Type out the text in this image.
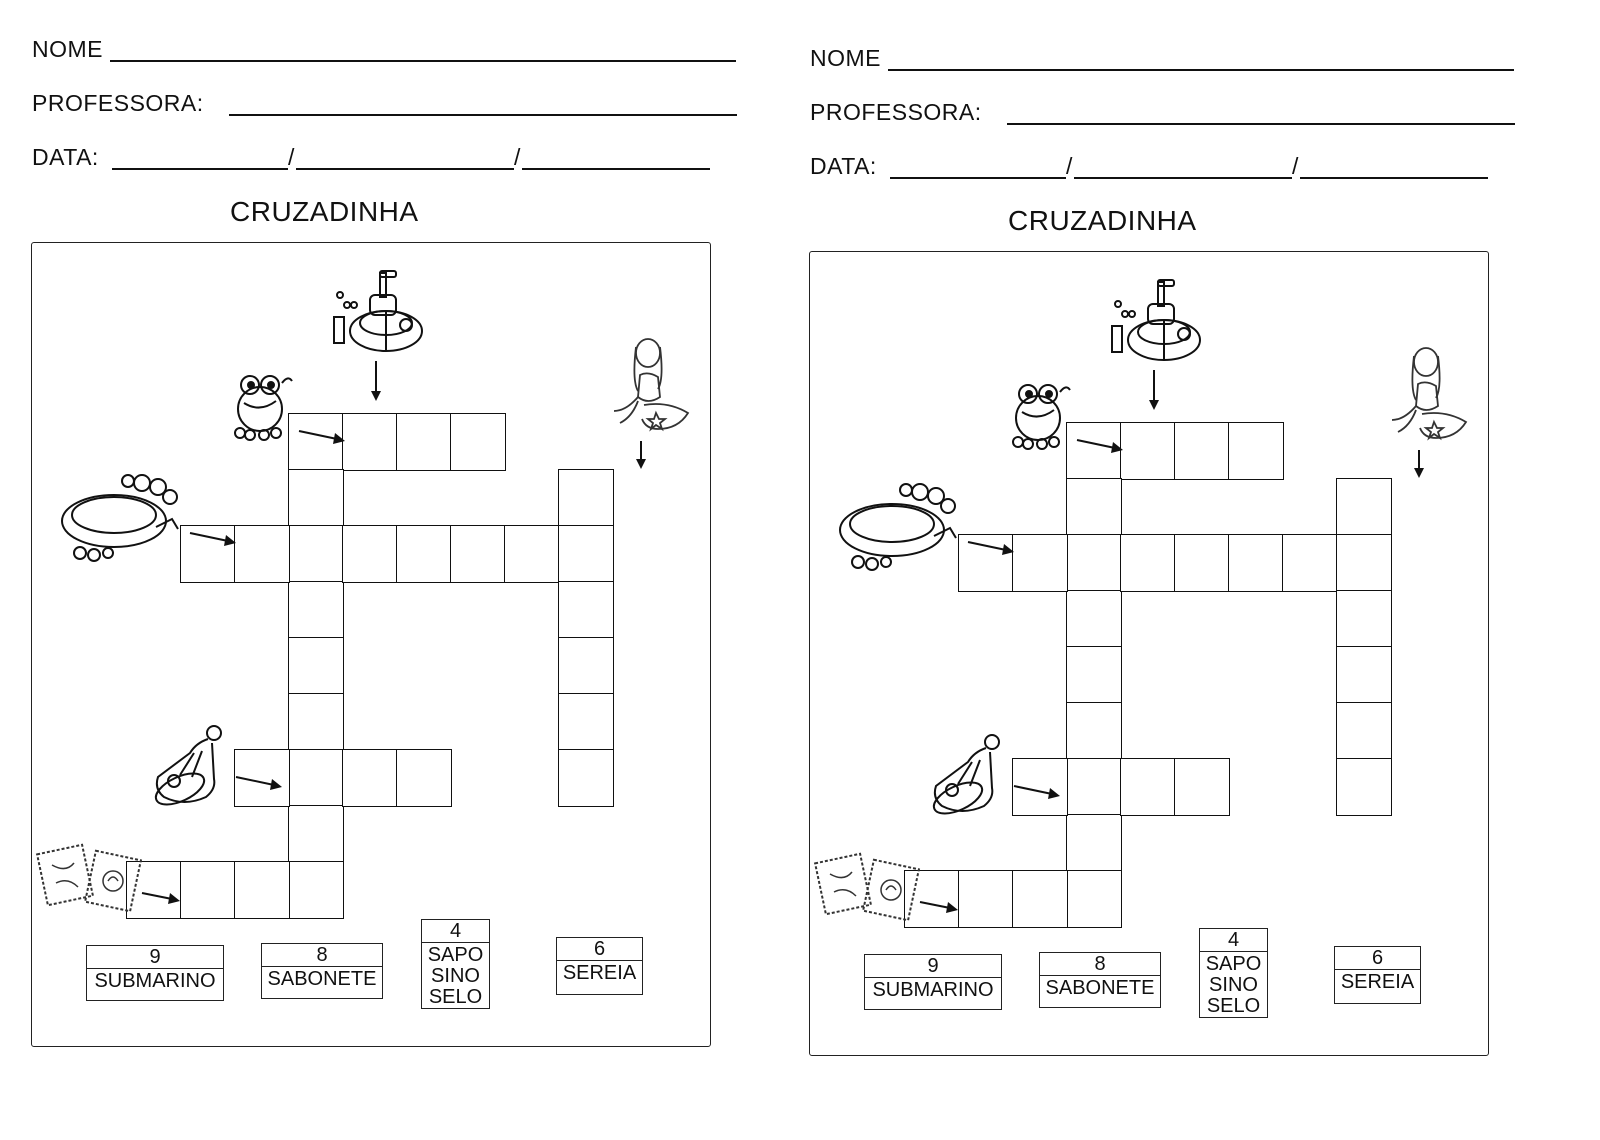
NOME
PROFESSORA:
DATA:	/	/
CRUZADINHA
9
SUBMARINO
8
SABONETE
4
SAPO
SINO
SELO
6
SEREIA
NOME
PROFESSORA:
DATA:	/	/
CRUZADINHA
9
SUBMARINO
8
SABONETE
4
SAPO
SINO
SELO
6
SEREIA
